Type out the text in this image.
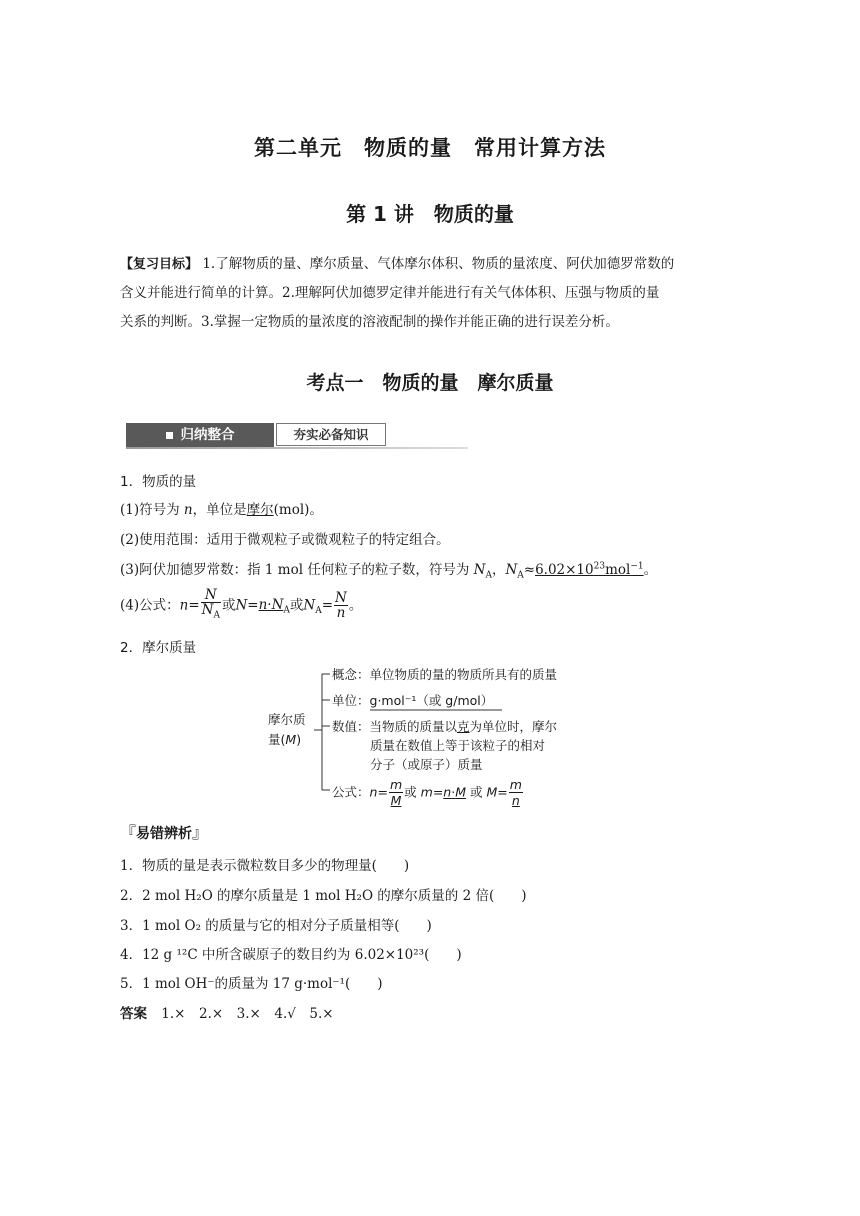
第二单元　物质的量　常用计算方法
第 1 讲　物质的量
【复习目标】 1.了解物质的量、摩尔质量、气体摩尔体积、物质的量浓度、阿伏加德罗常数的
含义并能进行简单的计算。2.理解阿伏加德罗定律并能进行有关气体体积、压强与物质的量
关系的判断。3.掌握一定物质的量浓度的溶液配制的操作并能正确的进行误差分析。
考点一　物质的量　摩尔质量
归纳整合	夯实必备知识
1．物质的量
(1)符号为 n，单位是摩尔(mol)。
(2)使用范围：适用于微观粒子或微观粒子的特定组合。
(3)阿伏加德罗常数：指 1 mol 任何粒子的粒子数，符号为 $N_A$，$N_A\approx 6.02\times 10^{23}mol^{-1}$。
(4)公式：$n= \frac{N}{N_A}$ 或$N=n\cdot N_A$或$N_A= \frac{N}{n}$ 。
2．摩尔质量
摩尔质
量(M)
概念：单位物质的量的物质所具有的质量
单位：g·mol⁻¹（或 g/mol）
数值：当物质的质量以克为单位时，摩尔
质量在数值上等于该粒子的相对
分子（或原子）质量
公式：$n= \frac{m}{M}$ 或 m=n·M 或 $M= \frac{m}{n}$
『易错辨析』
1．物质的量是表示微粒数目多少的物理量(　　)
2．2 mol H₂O 的摩尔质量是 1 mol H₂O 的摩尔质量的 2 倍(　　)
3．1 mol O₂ 的质量与它的相对分子质量相等(　　)
4．12 g ¹²C 中所含碳原子的数目约为 6.02×10²³(　　)
5．1 mol OH⁻的质量为 17 g·mol⁻¹(　　)
答案 1.×　2.×　3.×　4.√　5.×
